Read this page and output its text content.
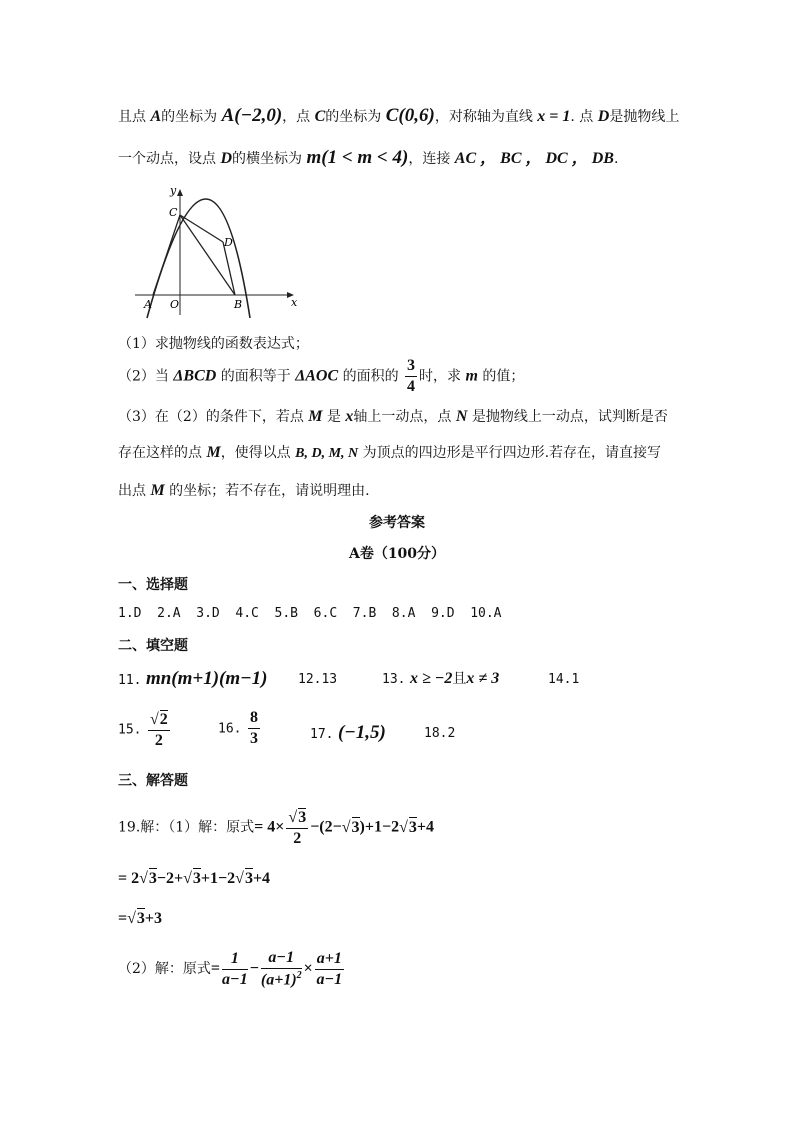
且点 A的坐标为 A(−2,0)，点 C的坐标为 C(0,6)，对称轴为直线 x = 1. 点 D是抛物线上
一个动点，设点 D的横坐标为 m(1 < m < 4)，连接 AC ， BC ， DC ， DB.
y
x
O
A	B
C
D
（1）求抛物线的函数表达式；
（2）当 ΔBCD 的面积等于 ΔAOC 的面积的 $\frac{3}{4}$ 时，求 m 的值；
（3）在（2）的条件下，若点 M 是 x轴上一动点，点 N 是抛物线上一动点，试判断是否
存在这样的点 M，使得以点 B, D, M, N 为顶点的四边形是平行四边形.若存在，请直接写
出点 M 的坐标；若不存在，请说明理由.
参考答案
A卷（100分）
一、选择题
1.D  2.A  3.D  4.C  5.B  6.C  7.B  8.A  9.D  10.A
二、填空题
11. mn(m+1)(m−1) 12.13	13. x ≥ −2且x ≠ 3	14.1
15. $\frac{√2}{2}$	16. $\frac{8}{3}$	17. (−1,5)	18.2
三、解答题
19.解：（1）解：原式= $4\times \frac{√3}{2} -(2-√3)+1-2√3+4$
= 2√3−2+√3+1−2√3+4
=√3+3
（2）解：原式= $\frac{1}{a-1} - \frac{a-1}{(a+1)^2} \times \frac{a+1}{a-1}$
